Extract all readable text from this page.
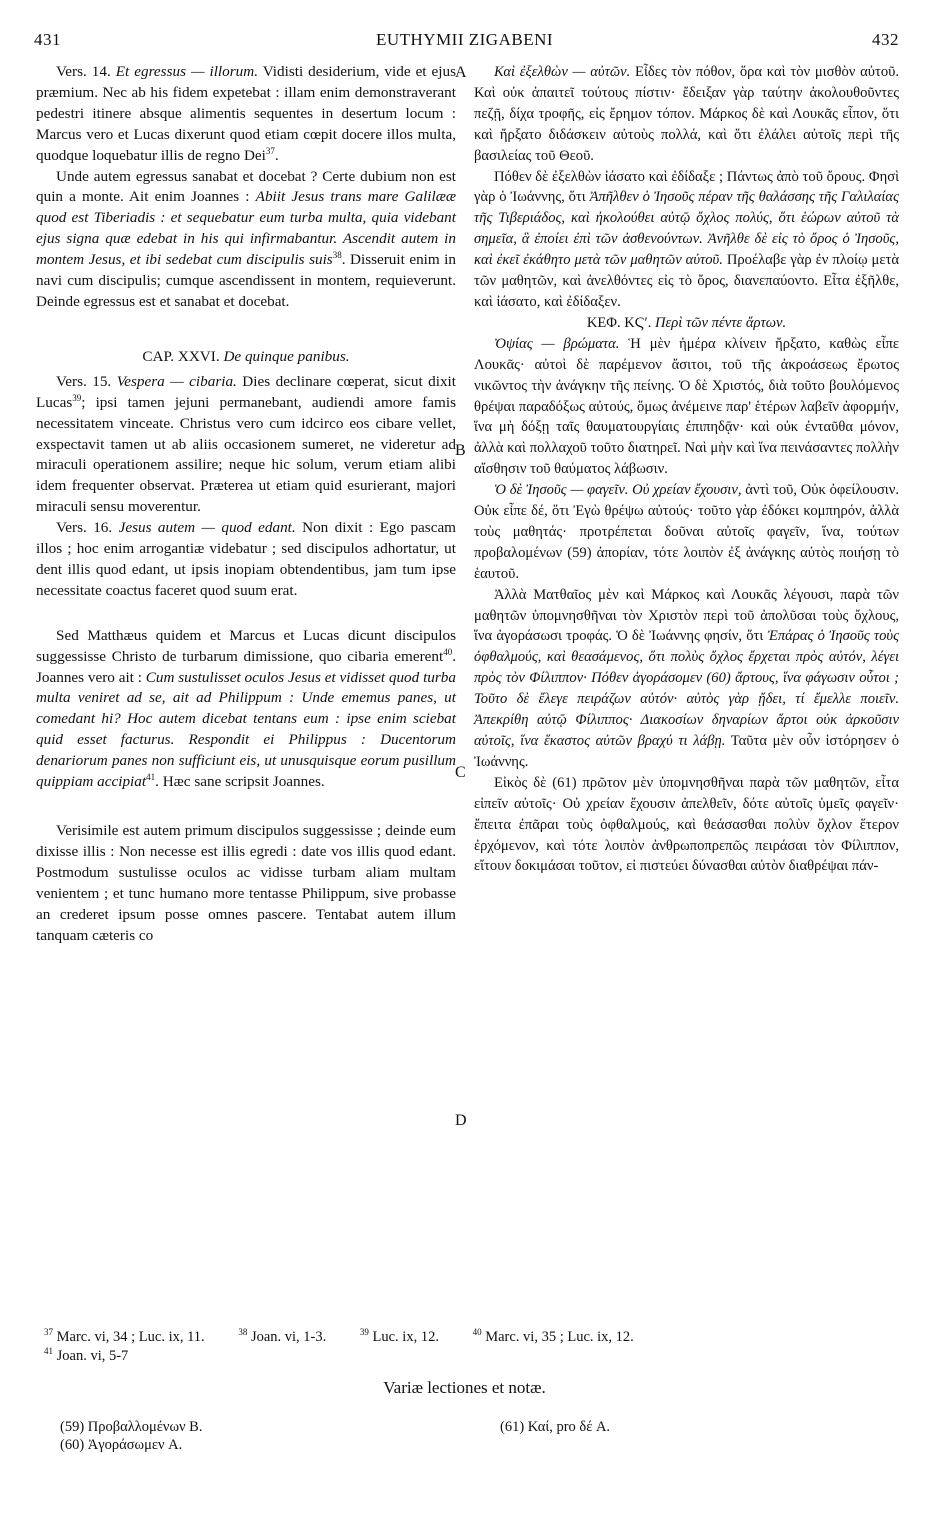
EUTHYMII ZIGABENI
431	432

Vers. 14. Et egressus — illorum. Vidisti desiderium, vide et ejus præmium. Nec ab his fidem expetebat : illam enim demonstraverant pedestri itinere absque alimentis sequentes in desertum locum : Marcus vero et Lucas dixerunt quod etiam cœpit docere illos multa, quodque loquebatur illis de regno Dei$^{37}$.

Unde autem egressus sanabat et docebat ? Certe dubium non est quin a monte. Ait enim Joannes : Abiit Jesus trans mare Galilææ quod est Tiberiadis : et sequebatur eum turba multa, quia videbant ejus signa quæ edebat in his qui infirmabantur. Ascendit autem in montem Jesus, et ibi sedebat cum discipulis suis$^{38}$. Disseruit enim in navi cum discipulis; cumque ascendissent in montem, requieverunt. Deinde egressus est et sanabat et docebat.

CAP. XXVI. De quinque panibus.

Vers. 15. Vespera — cibaria. Dies declinare cœperat, sicut dixit Lucas$^{39}$; ipsi tamen jejuni permanebant, audiendi amore famis necessitatem vinceate. Christus vero cum idcirco eos cibare vellet, exspectavit tamen ut ab aliis occasionem sumeret, ne videretur ad miraculi operationem assilire; neque hic solum, verum etiam alibi idem frequenter observat. Præterea ut etiam quid esurierant, majori miraculi sensu moverentur.

Vers. 16. Jesus autem — quod edant. Non dixit : Ego pascam illos ; hoc enim arrogantiæ videbatur ; sed discipulos adhortatur, ut dent illis quod edant, ut ipsis inopiam obtendentibus, jam tum ipse necessitate coactus faceret quod suum erat.

Sed Matthæus quidem et Marcus et Lucas dicunt discipulos suggessisse Christo de turbarum dimissione, quo cibaria emerent$^{40}$. Joannes vero ait : Cum sustulisset oculos Jesus et vidisset quod turba multa veniret ad se, ait ad Philippum : Unde ememus panes, ut comedant hi? Hoc autem dicebat tentans eum : ipse enim sciebat quid esset facturus. Respondit ei Philippus : Ducentorum denariorum panes non sufficiunt eis, ut unusquisque eorum pusillum quippiam accipiat$^{41}$. Hæc sane scripsit Joannes.

Verisimile est autem primum discipulos suggessisse ; deinde eum dixisse illis : Non necesse est illis egredi : date vos illis quod edant. Postmodum sustulisse oculos ac vidisse turbam aliam multam venientem ; et tunc humano more tentasse Philippum, sive probasse an crederet ipsum posse omnes pascere. Tentabat autem illum tanquam cæteris co

A
B
C
D

Καὶ ἐξελθὼν — αὐτῶν. Εἶδες τὸν πόθον, ὅρα καὶ τὸν μισθὸν αὐτοῦ. Καὶ οὐκ ἀπαιτεῖ τούτους πίστιν· ἔδειξαν γὰρ ταύτην ἀκολουθοῦντες πεζῇ, δίχα τροφῆς, εἰς ἔρημον τόπον. Μάρκος δὲ καὶ Λουκᾶς εἶπον, ὅτι καὶ ἤρξατο διδάσκειν αὐτοὺς πολλά, καὶ ὅτι ἐλάλει αὐτοῖς περὶ τῆς βασιλείας τοῦ Θεοῦ.

Πόθεν δὲ ἐξελθὼν ἰάσατο καὶ ἐδίδαξε ; Πάντως ἀπὸ τοῦ ὄρους. Φησὶ γὰρ ὁ Ἰωάννης, ὅτι Ἀπῆλθεν ὁ Ἰησοῦς πέραν τῆς θαλάσσης τῆς Γαλιλαίας τῆς Τιβεριάδος, καὶ ἠκολούθει αὐτῷ ὄχλος πολύς, ὅτι ἑώρων αὐτοῦ τὰ σημεῖα, ἃ ἐποίει ἐπὶ τῶν ἀσθενούντων. Ἀνῆλθε δὲ εἰς τὸ ὄρος ὁ Ἰησοῦς, καὶ ἐκεῖ ἐκάθητο μετὰ τῶν μαθητῶν αὐτοῦ. Προέλαβε γὰρ ἐν πλοίῳ μετὰ τῶν μαθητῶν, καὶ ἀνελθόντες εἰς τὸ ὄρος, διανεπαύοντο. Εἶτα ἐξῆλθε, καὶ ἰάσατο, καὶ ἐδίδαξεν.

ΚΕΦ. ΚϚʹ. Περὶ τῶν πέντε ἄρτων.

Ὀψίας — βρώματα. Ἡ μὲν ἡμέρα κλίνειν ἤρξατο, καθὼς εἶπε Λουκᾶς· αὐτοὶ δὲ παρέμενον ἄσιτοι, τοῦ τῆς ἀκροάσεως ἔρωτος νικῶντος τὴν ἀνάγκην τῆς πείνης. Ὁ δὲ Χριστός, διὰ τοῦτο βουλόμενος θρέψαι παραδόξως αὐτούς, ὅμως ἀνέμεινε παρ' ἑτέρων λαβεῖν ἀφορμήν, ἵνα μὴ δόξῃ ταῖς θαυματουργίαις ἐπιπηδᾷν· καὶ οὐκ ἐνταῦθα μόνον, ἀλλὰ καὶ πολλαχοῦ τοῦτο διατηρεῖ. Ναὶ μὴν καὶ ἵνα πεινάσαντες πολλὴν αἴσθησιν τοῦ θαύματος λάβωσιν.

Ὁ δὲ Ἰησοῦς — φαγεῖν. Οὐ χρείαν ἔχουσιν, ἀντὶ τοῦ, Οὐκ ὀφείλουσιν. Οὐκ εἶπε δέ, ὅτι Ἐγὼ θρέψω αὐτούς· τοῦτο γὰρ ἐδόκει κομπηρόν, ἀλλὰ τοὺς μαθητάς· προτρέπεται δοῦναι αὐτοῖς φαγεῖν, ἵνα, τούτων προβαλομένων (59) ἀπορίαν, τότε λοιπὸν ἐξ ἀνάγκης αὐτὸς ποιήσῃ τὸ ἑαυτοῦ.

Ἀλλὰ Ματθαῖος μὲν καὶ Μάρκος καὶ Λουκᾶς λέγουσι, παρὰ τῶν μαθητῶν ὑπομνησθῆναι τὸν Χριστὸν περὶ τοῦ ἀπολῦσαι τοὺς ὄχλους, ἵνα ἀγοράσωσι τροφάς. Ὁ δὲ Ἰωάννης φησίν, ὅτι Ἐπάρας ὁ Ἰησοῦς τοὺς ὀφθαλμούς, καὶ θεασάμενος, ὅτι πολὺς ὄχλος ἔρχεται πρὸς αὐτόν, λέγει πρὸς τὸν Φίλιππον· Πόθεν ἀγοράσομεν (60) ἄρτους, ἵνα φάγωσιν οὗτοι ; Τοῦτο δὲ ἔλεγε πειράζων αὐτόν· αὐτὸς γὰρ ᾔδει, τί ἔμελλε ποιεῖν. Ἀπεκρίθη αὐτῷ Φίλιππος· Διακοσίων δηναρίων ἄρτοι οὐκ ἀρκοῦσιν αὐτοῖς, ἵνα ἕκαστος αὐτῶν βραχύ τι λάβῃ. Ταῦτα μὲν οὖν ἱστόρησεν ὁ Ἰωάννης.

Εἰκὸς δὲ (61) πρῶτον μὲν ὑπομνησθῆναι παρὰ τῶν μαθητῶν, εἶτα εἰπεῖν αὐτοῖς· Οὐ χρείαν ἔχουσιν ἀπελθεῖν, δότε αὐτοῖς ὑμεῖς φαγεῖν· ἔπειτα ἐπᾶραι τοὺς ὀφθαλμούς, καὶ θεάσασθαι πολὺν ὄχλον ἕτερον ἐρχόμενον, καὶ τότε λοιπὸν ἀνθρωποπρεπῶς πειράσαι τὸν Φίλιππον, εἴτουν δοκιμάσαι τοῦτον, εἰ πιστεύει δύνασθαι αὐτὸν διαθρέψαι πάν-

$^{37}$ Marc. vi, 34 ; Luc. ix, 11.	$^{38}$ Joan. vi, 1-3.	$^{39}$ Luc. ix, 12.	$^{40}$ Marc. vi, 35 ; Luc. ix, 12.
$^{41}$ Joan. vi, 5-7
Variæ lectiones et notæ.
(59) Προβαλλομένων B.
(60) Ἀγοράσωμεν A.
(61) Καί, pro δέ A.
